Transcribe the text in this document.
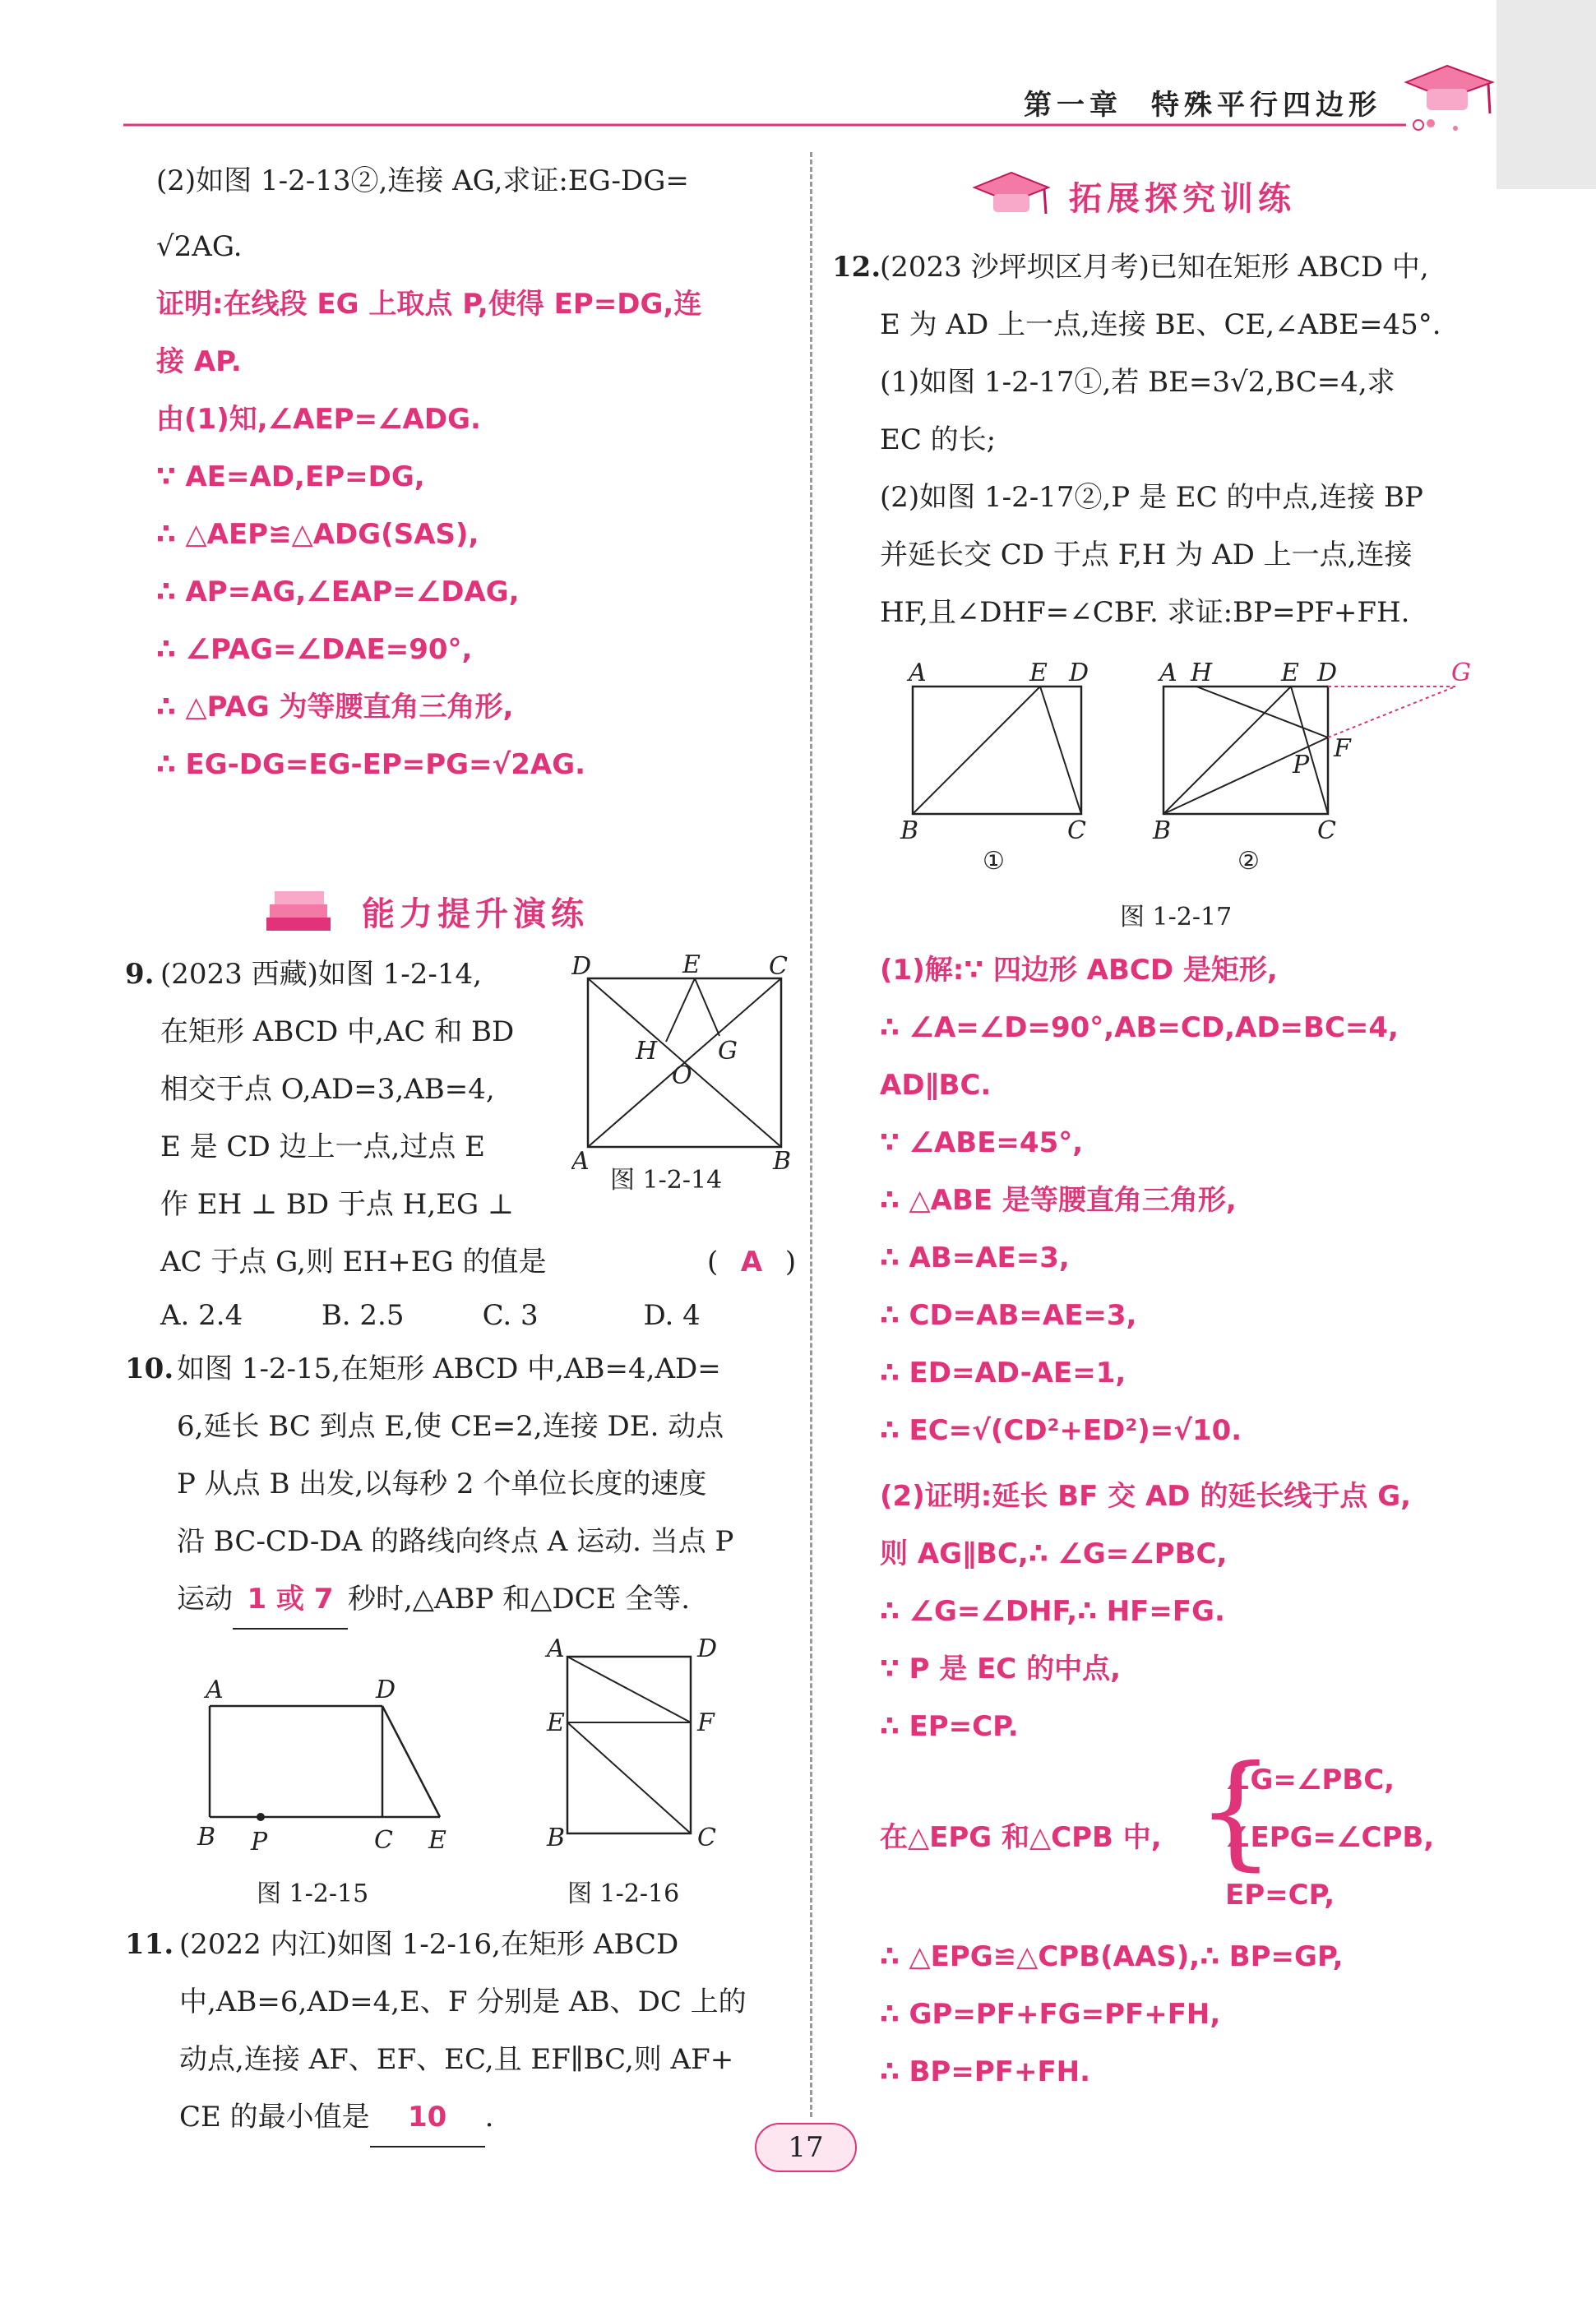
第一章 特殊平行四边形
(2)如图 1-2-13②,连接 AG,求证:EG-DG=
√2AG.
证明:在线段 EG 上取点 P,使得 EP=DG,连
接 AP.
由(1)知,∠AEP=∠ADG.
∵ AE=AD,EP=DG,
∴ △AEP≌△ADG(SAS),
∴ AP=AG,∠EAP=∠DAG,
∴ ∠PAG=∠DAE=90°,
∴ △PAG 为等腰直角三角形,
∴ EG-DG=EG-EP=PG=√2AG.
能力提升演练
9. (2023 西藏)如图 1-2-14,
在矩形 ABCD 中,AC 和 BD
相交于点 O,AD=3,AB=4,
E 是 CD 边上一点,过点 E
作 EH ⊥ BD 于点 H,EG ⊥
AC 于点 G,则 EH+EG 的值是	( A )
A. 2.4	B. 2.5	C. 3	D. 4
D	E	C
H G
O
A	B
图 1-2-14
10. 如图 1-2-15,在矩形 ABCD 中,AB=4,AD=
6,延长 BC 到点 E,使 CE=2,连接 DE. 动点
P 从点 B 出发,以每秒 2 个单位长度的速度
沿 BC-CD-DA 的路线向终点 A 运动. 当点 P
运动 1 或 7 秒时,△ABP 和△DCE 全等.
A	D
B P	C E
图 1-2-15
A	D
E	F
B	C
图 1-2-16
11. (2022 内江)如图 1-2-16,在矩形 ABCD
中,AB=6,AD=4,E、F 分别是 AB、DC 上的
动点,连接 AF、EF、EC,且 EF∥BC,则 AF+
CE 的最小值是 10 .
拓展探究训练
12.
(2023 沙坪坝区月考)已知在矩形 ABCD 中,
E 为 AD 上一点,连接 BE、CE,∠ABE=45°.
(1)如图 1-2-17①,若 BE=3√2,BC=4,求
EC 的长;
(2)如图 1-2-17②,P 是 EC 的中点,连接 BP
并延长交 CD 于点 F,H 为 AD 上一点,连接
HF,且∠DHF=∠CBF. 求证:BP=PF+FH.
A	E D
B	C
①
A H	E D	G
F
P
B	C
②
图 1-2-17
(1)解:∵ 四边形 ABCD 是矩形,
∴ ∠A=∠D=90°,AB=CD,AD=BC=4,
AD∥BC.
∵ ∠ABE=45°,
∴ △ABE 是等腰直角三角形,
∴ AB=AE=3,
∴ CD=AB=AE=3,
∴ ED=AD-AE=1,
∴ EC=√(CD²+ED²)=√10.
(2)证明:延长 BF 交 AD 的延长线于点 G,
则 AG∥BC,∴ ∠G=∠PBC,
∴ ∠G=∠DHF,∴ HF=FG.
∵ P 是 EC 的中点,
∴ EP=CP.
在△EPG 和△CPB 中, {
∠G=∠PBC,
∠EPG=∠CPB,
EP=CP,
∴ △EPG≌△CPB(AAS),∴ BP=GP,
∴ GP=PF+FG=PF+FH,
∴ BP=PF+FH.
17
